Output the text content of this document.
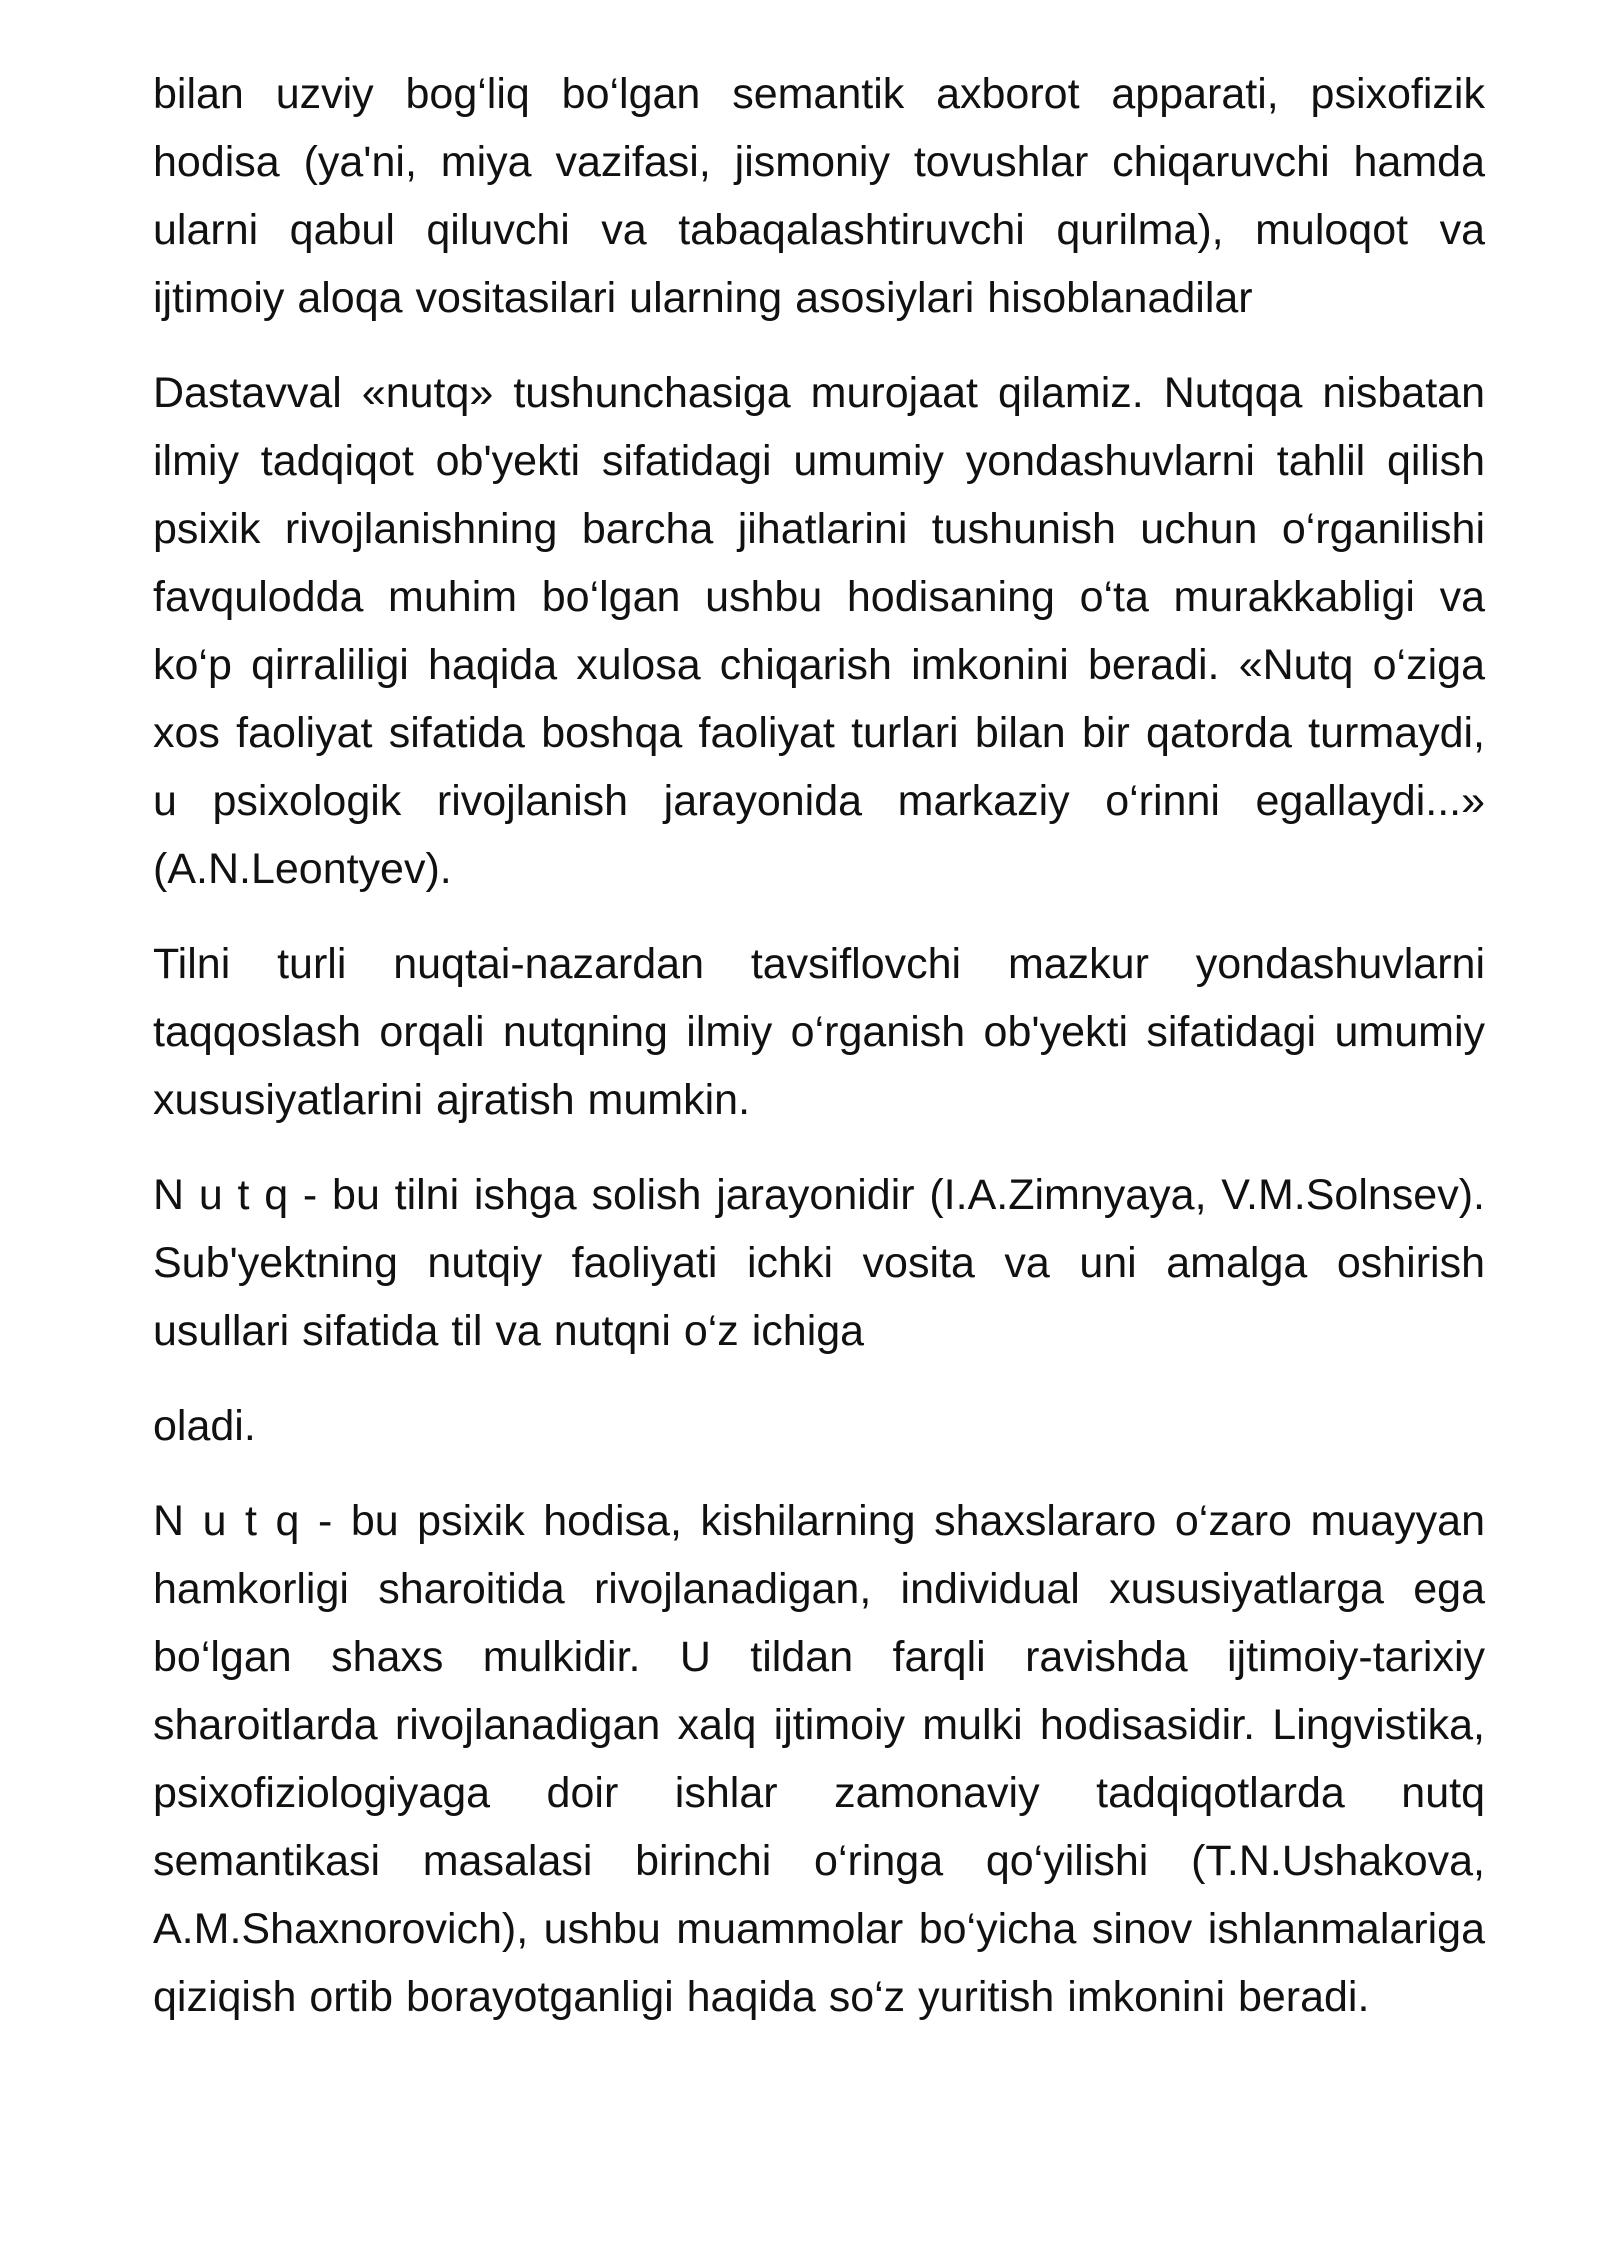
bilan uzviy bog‘liq bo‘lgan semantik axborot apparati, psixofizik hodisa (ya'ni, miya vazifasi, jismoniy tovushlar chiqaruvchi hamda ularni qabul qiluvchi va tabaqalashtiruvchi qurilma), muloqot va ijtimoiy aloqa vositasilari ularning asosiylari hisoblanadilar

Dastavval «nutq» tushunchasiga murojaat qilamiz. Nutqqa nisbatan ilmiy tadqiqot ob'yekti sifatidagi umumiy yondashuvlarni tahlil qilish psixik rivojlanishning barcha jihatlarini tushunish uchun o‘rganilishi favqulodda muhim bo‘lgan ushbu hodisaning o‘ta murakkabligi va ko‘p qirraliligi haqida xulosa chiqarish imkonini beradi. «Nutq o‘ziga xos faoliyat sifatida boshqa faoliyat turlari bilan bir qatorda turmaydi, u psixologik rivojlanish jarayonida markaziy o‘rinni egallaydi...» (A.N.Leontyev).

Tilni turli nuqtai-nazardan tavsiflovchi mazkur yondashuvlarni taqqoslash orqali nutqning ilmiy o‘rganish ob'yekti sifatidagi umumiy xususiyatlarini ajratish mumkin.

N u t q - bu tilni ishga solish jarayonidir (I.A.Zimnyaya, V.M.Solnsev). Sub'yektning nutqiy faoliyati ichki vosita va uni amalga oshirish usullari sifatida til va nutqni o‘z ichiga

oladi.

N u t q - bu psixik hodisa, kishilarning shaxslararo o‘zaro muayyan hamkorligi sharoitida rivojlanadigan, individual xususiyatlarga ega bo‘lgan shaxs mulkidir. U tildan farqli ravishda ijtimoiy-tarixiy sharoitlarda rivojlanadigan xalq ijtimoiy mulki hodisasidir. Lingvistika, psixofiziologiyaga doir ishlar zamonaviy tadqiqotlarda nutq semantikasi masalasi birinchi o‘ringa qo‘yilishi (T.N.Ushakova, A.M.Shaxnorovich), ushbu muammolar bo‘yicha sinov ishlanmalariga qiziqish ortib borayotganligi haqida so‘z yuritish imkonini beradi.
